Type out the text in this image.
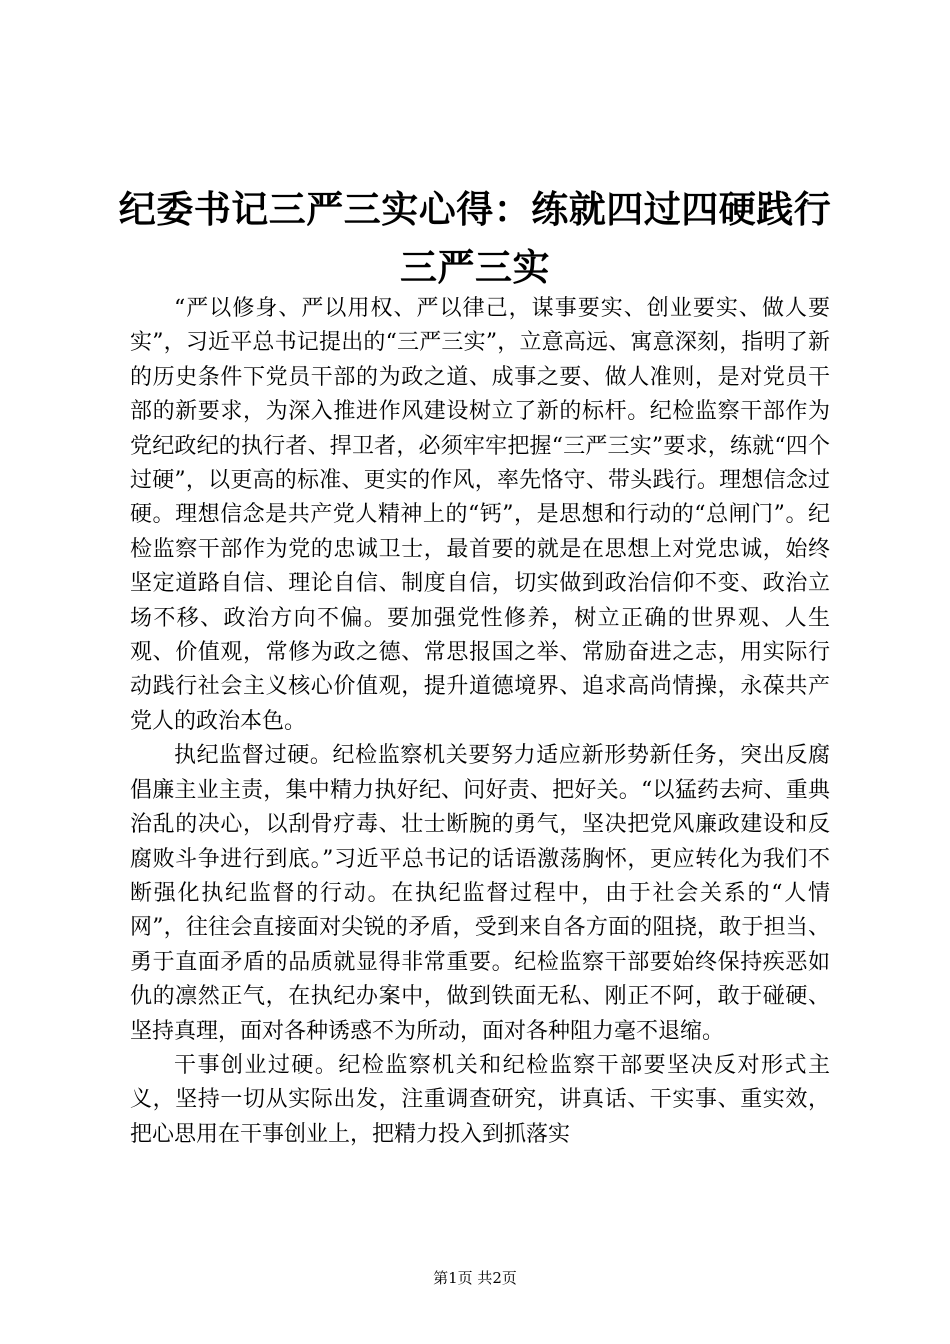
纪委书记三严三实心得：练就四过四硬践行三严三实

“严以修身、严以用权、严以律己，谋事要实、创业要实、做人要实”，习近平总书记提出的“三严三实”，立意高远、寓意深刻，指明了新的历史条件下党员干部的为政之道、成事之要、做人准则，是对党员干部的新要求，为深入推进作风建设树立了新的标杆。纪检监察干部作为党纪政纪的执行者、捍卫者，必须牢牢把握“三严三实”要求，练就“四个过硬”，以更高的标准、更实的作风，率先恪守、带头践行。理想信念过硬。理想信念是共产党人精神上的“钙”，是思想和行动的“总闸门”。纪检监察干部作为党的忠诚卫士，最首要的就是在思想上对党忠诚，始终坚定道路自信、理论自信、制度自信，切实做到政治信仰不变、政治立场不移、政治方向不偏。要加强党性修养，树立正确的世界观、人生观、价值观，常修为政之德、常思报国之举、常励奋进之志，用实际行动践行社会主义核心价值观，提升道德境界、追求高尚情操，永葆共产党人的政治本色。

执纪监督过硬。纪检监察机关要努力适应新形势新任务，突出反腐倡廉主业主责，集中精力执好纪、问好责、把好关。“以猛药去疴、重典治乱的决心，以刮骨疗毒、壮士断腕的勇气，坚决把党风廉政建设和反腐败斗争进行到底。”习近平总书记的话语激荡胸怀，更应转化为我们不断强化执纪监督的行动。在执纪监督过程中，由于社会关系的“人情网”，往往会直接面对尖锐的矛盾，受到来自各方面的阻挠，敢于担当、勇于直面矛盾的品质就显得非常重要。纪检监察干部要始终保持疾恶如仇的凛然正气，在执纪办案中，做到铁面无私、刚正不阿，敢于碰硬、坚持真理，面对各种诱惑不为所动，面对各种阻力毫不退缩。

干事创业过硬。纪检监察机关和纪检监察干部要坚决反对形式主义，坚持一切从实际出发，注重调查研究，讲真话、干实事、重实效，把心思用在干事创业上，把精力投入到抓落实

第1页 共2页
